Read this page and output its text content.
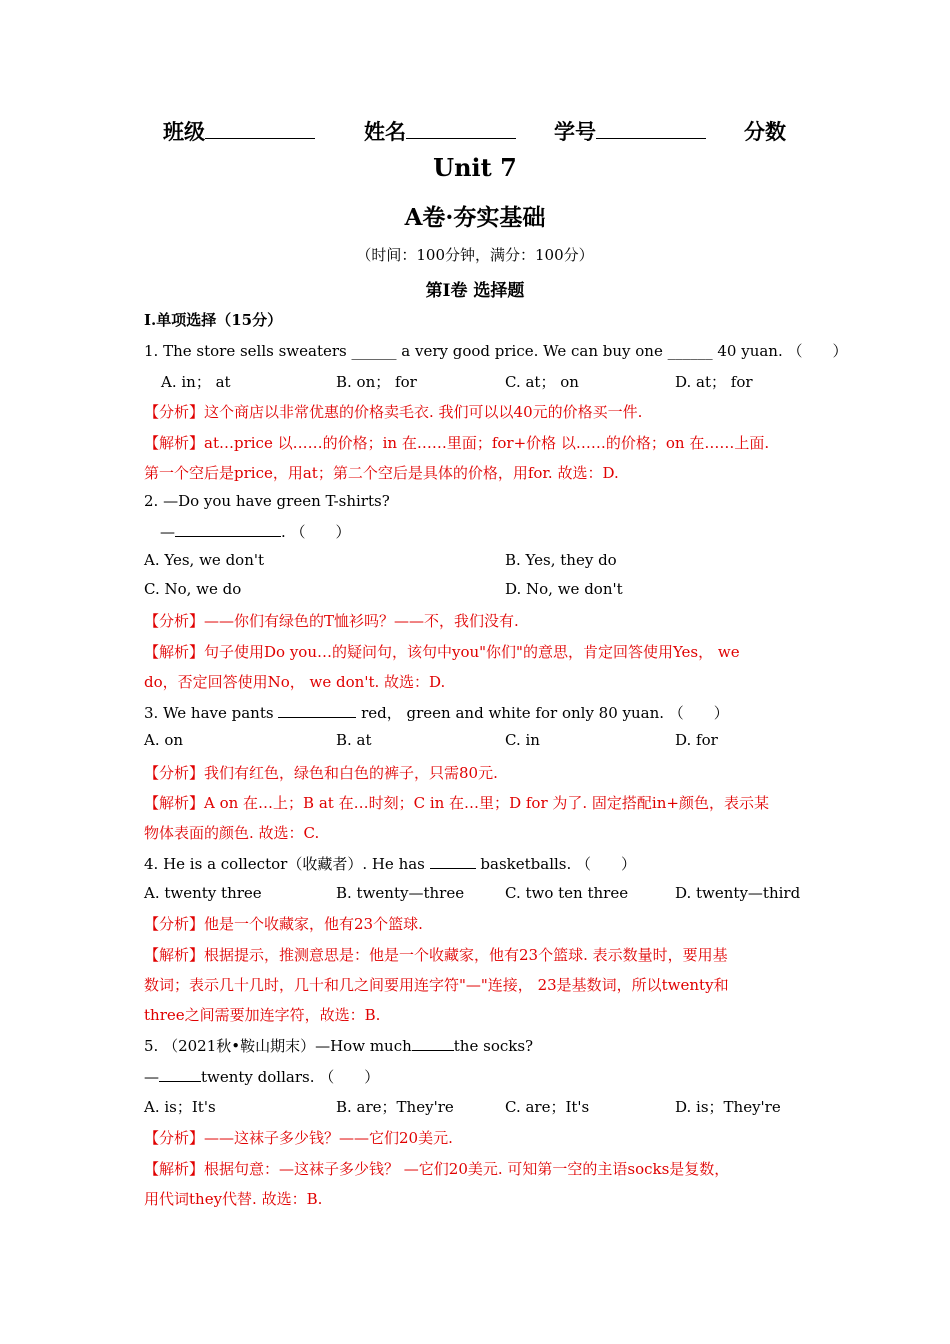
班级	姓名	学号	分数
Unit 7
A卷·夯实基础
（时间：100分钟，满分：100分）
第Ⅰ卷 选择题
I.单项选择（15分）
1. The store sells sweaters ______ a very good price. We can buy one ______ 40 yuan. （　　）
A. in； at	B. on； for	C. at； on	D. at； for
【分析】这个商店以非常优惠的价格卖毛衣. 我们可以以40元的价格买一件.
【解析】at…price 以……的价格；in 在……里面；for+价格 以……的价格；on 在……上面.
第一个空后是price，用at；第二个空后是具体的价格，用for. 故选：D.
2. —Do you have green T-shirts?
—	. （　　）
A. Yes, we don't	B. Yes, they do
C. No, we do	D. No, we don't
【分析】——你们有绿色的T恤衫吗？——不，我们没有.
【解析】句子使用Do you…的疑问句，该句中you"你们"的意思，肯定回答使用Yes， we
do，否定回答使用No， we don't. 故选：D.
3. We have pants	red， green and white for only 80 yuan. （　　）
A. on	B. at	C. in	D. for
【分析】我们有红色，绿色和白色的裤子，只需80元.
【解析】A on 在…上；B at 在…时刻；C in 在…里；D for 为了. 固定搭配in+颜色，表示某
物体表面的颜色. 故选：C.
4. He is a collector（收藏者）. He has	basketballs. （　　）
A. twenty three	B. twenty—three	C. two ten three	D. twenty—third
【分析】他是一个收藏家，他有23个篮球.
【解析】根据提示，推测意思是：他是一个收藏家，他有23个篮球. 表示数量时，要用基
数词；表示几十几时，几十和几之间要用连字符"—"连接， 23是基数词，所以twenty和
three之间需要加连字符，故选：B.
5. （2021秋•鞍山期末）—How much	the socks?
—	twenty dollars. （　　）
A. is；It's	B. are；They're	C. are；It's	D. is；They're
【分析】——这袜子多少钱？——它们20美元.
【解析】根据句意：—这袜子多少钱？ —它们20美元. 可知第一空的主语socks是复数，
用代词they代替. 故选：B.
